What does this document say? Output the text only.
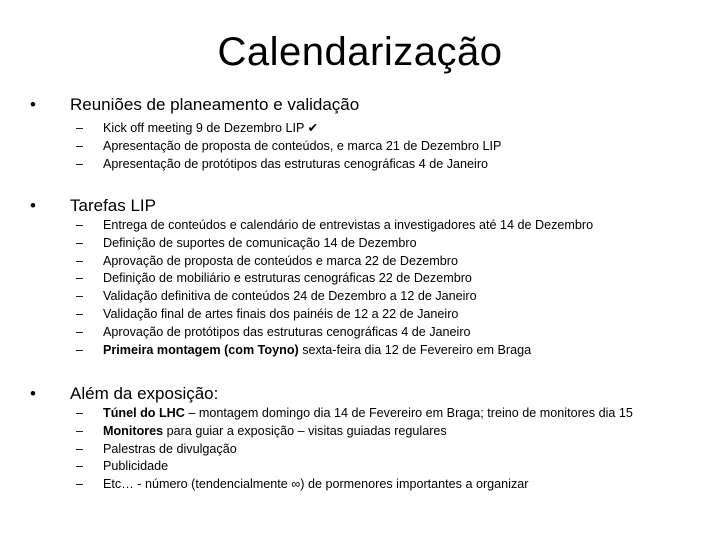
Calendarização
• Reuniões de planeamento e validação
– Kick off meeting 9 de Dezembro LIP ✔
– Apresentação de proposta de conteúdos, e marca 21 de Dezembro LIP
– Apresentação de protótipos das estruturas cenográficas 4 de Janeiro
• Tarefas LIP
– Entrega de conteúdos e calendário de entrevistas a investigadores até 14 de Dezembro
– Definição de suportes de comunicação 14 de Dezembro
– Aprovação de proposta de conteúdos e marca 22 de Dezembro
– Definição de mobiliário e estruturas cenográficas 22 de Dezembro
– Validação definitiva de conteúdos 24 de Dezembro a 12 de Janeiro
– Validação final de artes finais dos painéis de 12 a 22 de Janeiro
– Aprovação de protótipos das estruturas cenográficas 4 de Janeiro
– Primeira montagem (com Toyno) sexta-feira dia 12 de Fevereiro em Braga
• Além da exposição:
– Túnel do LHC – montagem domingo dia 14 de Fevereiro em Braga; treino de monitores dia 15
– Monitores para guiar a exposição – visitas guiadas regulares
– Palestras de divulgação
– Publicidade
– Etc… - número (tendencialmente ∞) de pormenores importantes a organizar
